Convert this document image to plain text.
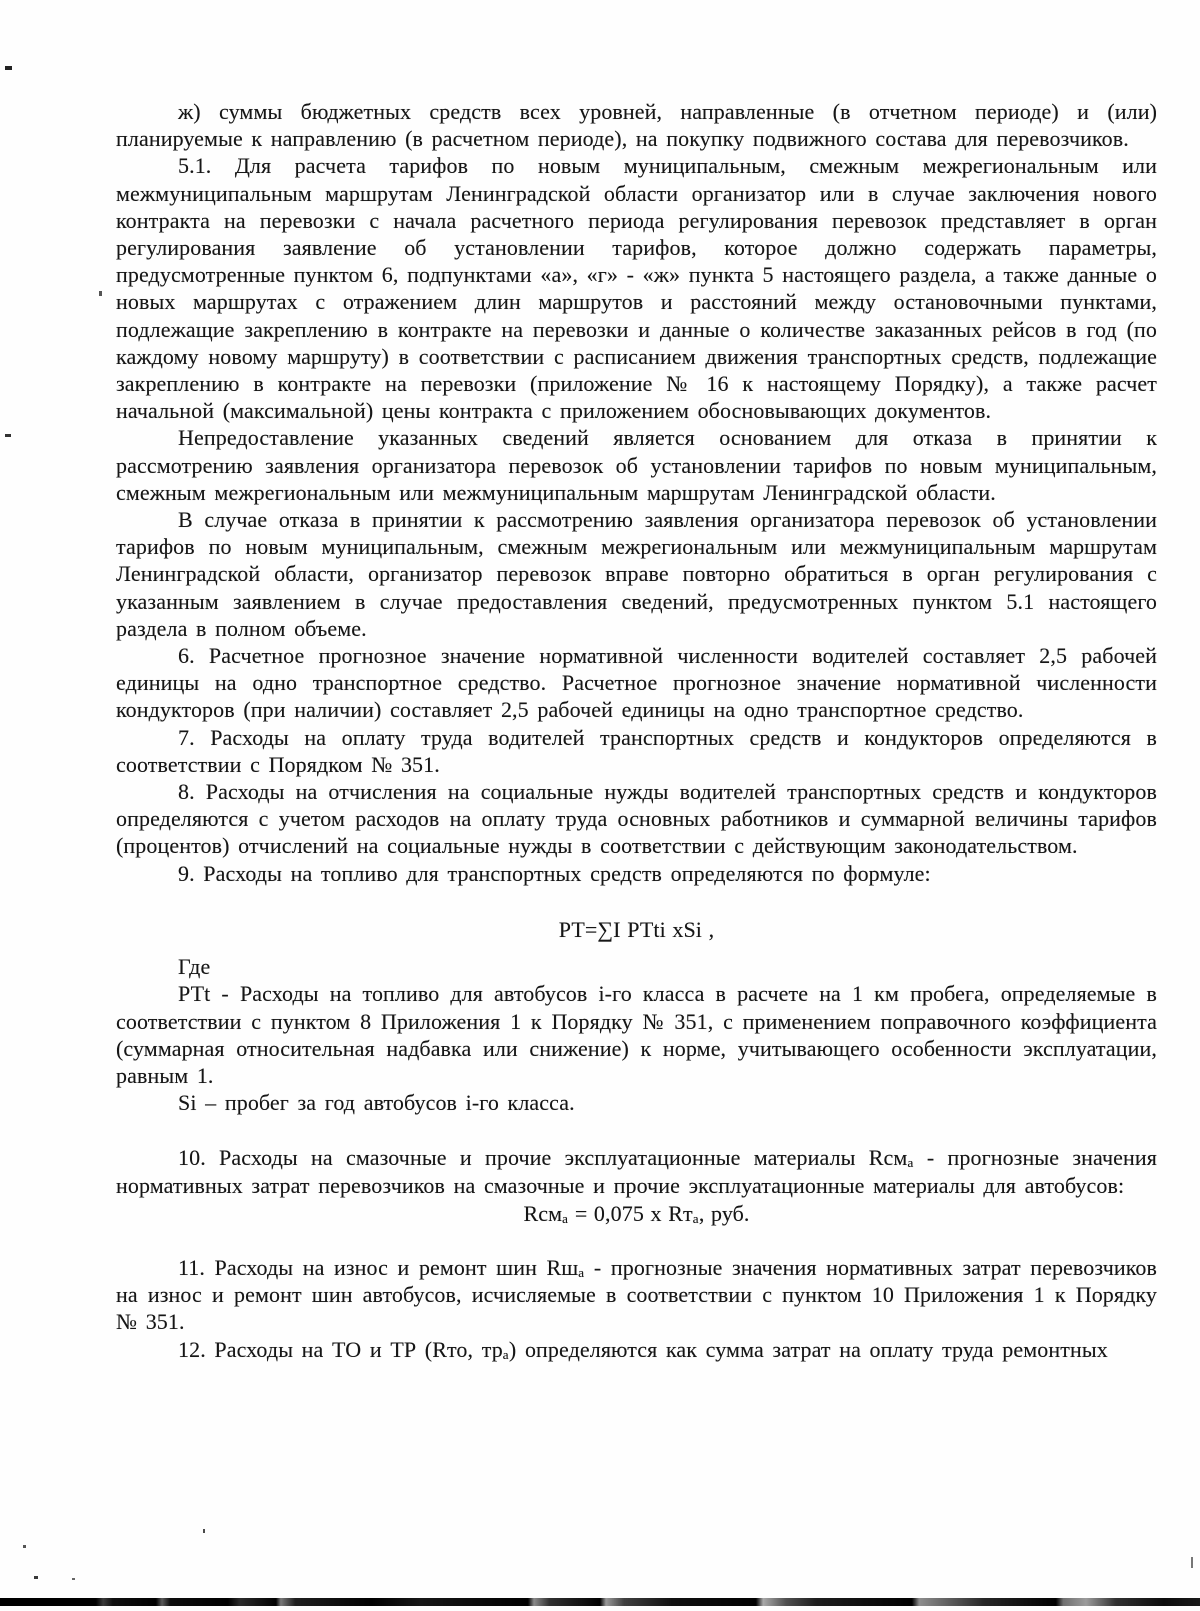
ж) суммы бюджетных средств всех уровней, направленные (в отчетном периоде) и (или) планируемые к направлению (в расчетном периоде), на покупку подвижного состава для перевозчиков.

5.1. Для расчета тарифов по новым муниципальным, смежным межрегиональным или межмуниципальным маршрутам Ленинградской области организатор или в случае заключения нового контракта на перевозки с начала расчетного периода регулирования перевозок представляет в орган регулирования заявление об установлении тарифов, которое должно содержать параметры, предусмотренные пунктом 6, подпунктами «а», «г» - «ж» пункта 5 настоящего раздела, а также данные о новых маршрутах с отражением длин маршрутов и расстояний между остановочными пунктами, подлежащие закреплению в контракте на перевозки и данные о количестве заказанных рейсов в год (по каждому новому маршруту) в соответствии с расписанием движения транспортных средств, подлежащие закреплению в контракте на перевозки (приложение № 16 к настоящему Порядку), а также расчет начальной (максимальной) цены контракта с приложением обосновывающих документов.

Непредоставление указанных сведений является основанием для отказа в принятии к рассмотрению заявления организатора перевозок об установлении тарифов по новым муниципальным, смежным межрегиональным или межмуниципальным маршрутам Ленинградской области.

В случае отказа в принятии к рассмотрению заявления организатора перевозок об установлении тарифов по новым муниципальным, смежным межрегиональным или межмуниципальным маршрутам Ленинградской области, организатор перевозок вправе повторно обратиться в орган регулирования с указанным заявлением в случае предоставления сведений, предусмотренных пунктом 5.1 настоящего раздела в полном объеме.

6. Расчетное прогнозное значение нормативной численности водителей составляет 2,5 рабочей единицы на одно транспортное средство. Расчетное прогнозное значение нормативной численности кондукторов (при наличии) составляет 2,5 рабочей единицы на одно транспортное средство.

7. Расходы на оплату труда водителей транспортных средств и кондукторов определяются в соответствии с Порядком № 351.

8. Расходы на отчисления на социальные нужды водителей транспортных средств и кондукторов определяются с учетом расходов на оплату труда основных работников и суммарной величины тарифов (процентов) отчислений на социальные нужды в соответствии с действующим законодательством.

9. Расходы на топливо для транспортных средств определяются по формуле:

РТ=∑I РТti xSi ,

Где

РТt - Расходы на топливо для автобусов i-го класса в расчете на 1 км пробега, определяемые в соответствии с пунктом 8 Приложения 1 к Порядку № 351, с применением поправочного коэффициента (суммарная относительная надбавка или снижение) к норме, учитывающего особенности эксплуатации, равным 1.

Si – пробег за год автобусов i-го класса.

10. Расходы на смазочные и прочие эксплуатационные материалы Rсмₐ - прогнозные значения нормативных затрат перевозчиков на смазочные и прочие эксплуатационные материалы для автобусов:

Rсмₐ = 0,075 х Rтₐ, руб.

11. Расходы на износ и ремонт шин Rшₐ - прогнозные значения нормативных затрат перевозчиков на износ и ремонт шин автобусов, исчисляемые в соответствии с пунктом 10 Приложения 1 к Порядку № 351.

12. Расходы на ТО и ТР (Rто, трₐ) определяются как сумма затрат на оплату труда ремонтных
